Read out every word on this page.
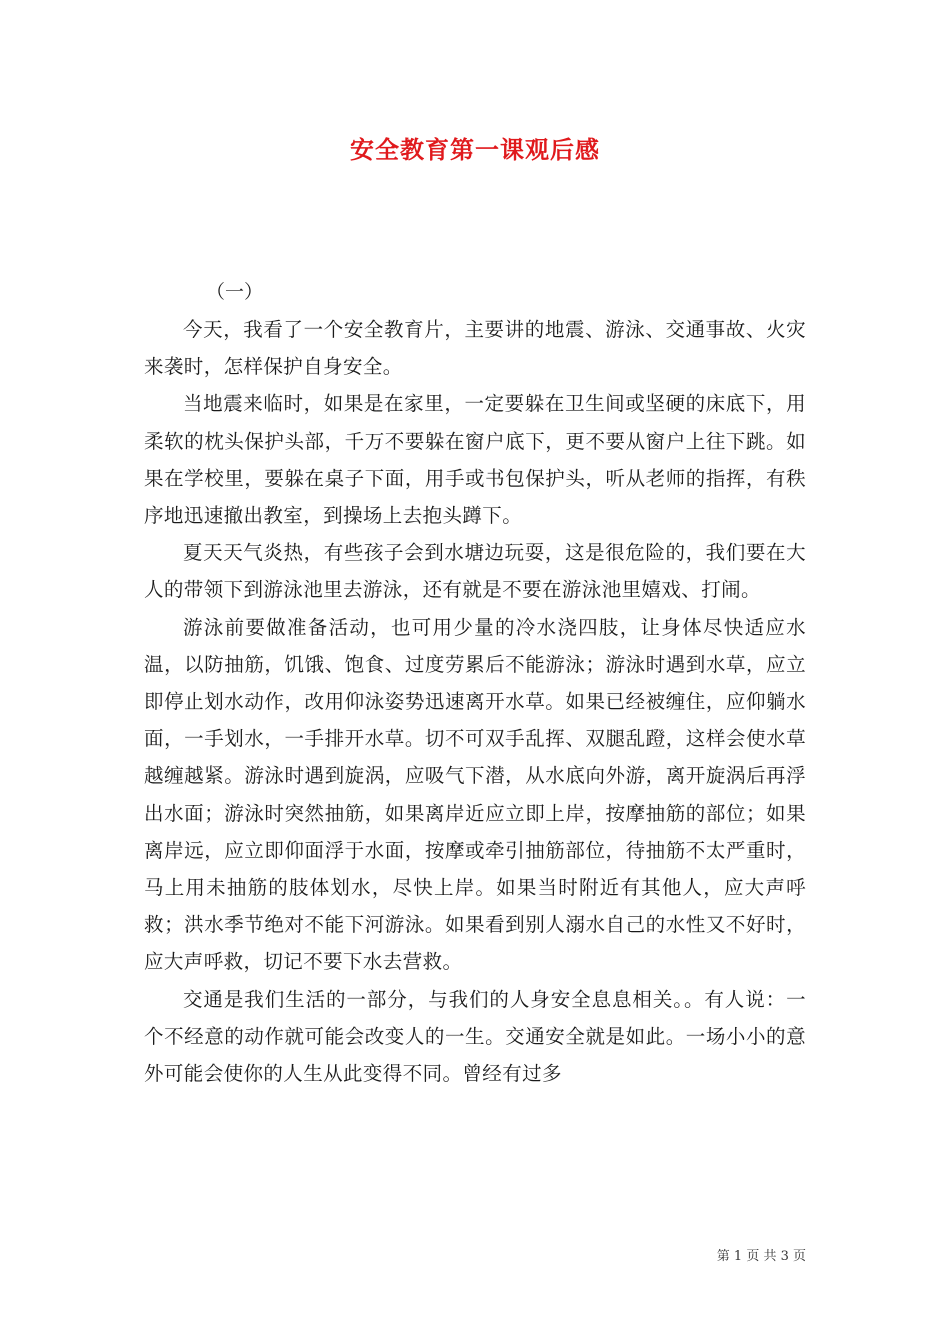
安全教育第一课观后感

（一）

今天，我看了一个安全教育片，主要讲的地震、游泳、交通事故、火灾来袭时，怎样保护自身安全。

当地震来临时，如果是在家里，一定要躲在卫生间或坚硬的床底下，用柔软的枕头保护头部，千万不要躲在窗户底下，更不要从窗户上往下跳。如果在学校里，要躲在桌子下面，用手或书包保护头，听从老师的指挥，有秩序地迅速撤出教室，到操场上去抱头蹲下。

夏天天气炎热，有些孩子会到水塘边玩耍，这是很危险的，我们要在大人的带领下到游泳池里去游泳，还有就是不要在游泳池里嬉戏、打闹。

游泳前要做准备活动，也可用少量的冷水浇四肢，让身体尽快适应水温，以防抽筋，饥饿、饱食、过度劳累后不能游泳；游泳时遇到水草，应立即停止划水动作，改用仰泳姿势迅速离开水草。如果已经被缠住，应仰躺水面，一手划水，一手排开水草。切不可双手乱挥、双腿乱蹬，这样会使水草越缠越紧。游泳时遇到旋涡，应吸气下潜，从水底向外游，离开旋涡后再浮出水面；游泳时突然抽筋，如果离岸近应立即上岸，按摩抽筋的部位；如果离岸远，应立即仰面浮于水面，按摩或牵引抽筋部位，待抽筋不太严重时，马上用未抽筋的肢体划水，尽快上岸。如果当时附近有其他人，应大声呼救；洪水季节绝对不能下河游泳。如果看到别人溺水自己的水性又不好时，应大声呼救，切记不要下水去营救。

交通是我们生活的一部分，与我们的人身安全息息相关。。有人说：一个不经意的动作就可能会改变人的一生。交通安全就是如此。一场小小的意外可能会使你的人生从此变得不同。曾经有过多

第 1 页 共 3 页
